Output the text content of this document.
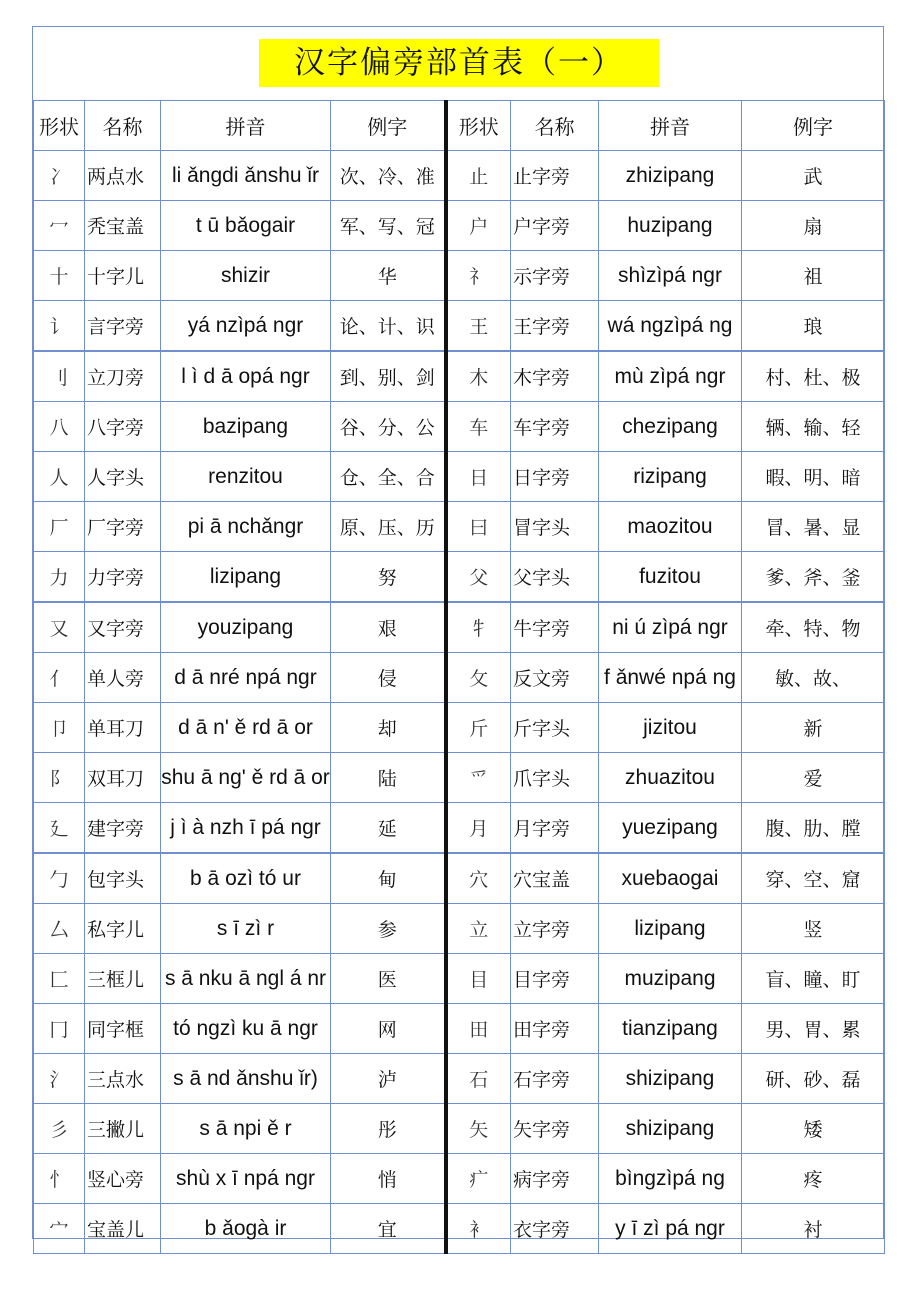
汉字偏旁部首表（一）
形状	名称	拼音	例字	形状	名称	拼音	例字
冫	两点水	li ǎngdi ǎnshu ǐr	次、冷、准	止	止字旁	zhizipang	武
冖	秃宝盖	t ū bǎogair	军、写、冠	户	户字旁	huzipang	扇
十	十字儿	shizir	华	礻	示字旁	shìzìpá ngr	祖
讠	言字旁	yá nzìpá ngr	论、计、识	王	王字旁	wá ngzìpá ng	琅
刂	立刀旁	l ì d ā opá ngr	到、别、剑	木	木字旁	mù zìpá ngr	村、杜、极
八	八字旁	bazipang	谷、分、公	车	车字旁	chezipang	辆、输、轻
人	人字头	renzitou	仓、全、合	日	日字旁	rizipang	暇、明、暗
厂	厂字旁	pi ā nchǎngr	原、压、历	曰	冒字头	maozitou	冒、暑、显
力	力字旁	lizipang	努	父	父字头	fuzitou	爹、斧、釜
又	又字旁	youzipang	艰	牜	牛字旁	ni ú zìpá ngr	牵、特、物
亻	单人旁	d ā nré npá ngr	侵	攵	反文旁	f ǎnwé npá ng	敏、故、
卩	单耳刀	d ā n' ě rd ā or	却	斤	斤字头	jizitou	新
阝	双耳刀	shu ā ng' ě rd ā or	陆	爫	爪字头	zhuazitou	爱
廴	建字旁	j ì à nzh ī pá ngr	延	月	月字旁	yuezipang	腹、肋、膛
勹	包字头	b ā ozì tó ur	甸	穴	穴宝盖	xuebaogai	穿、空、窟
厶	私字儿	s ī zì r	参	立	立字旁	lizipang	竖
匚	三框儿	s ā nku ā ngl á nr	医	目	目字旁	muzipang	盲、瞳、盯
冂	同字框	tó ngzì ku ā ngr	网	田	田字旁	tianzipang	男、胃、累
氵	三点水	s ā nd ǎnshu ǐr)	泸	石	石字旁	shizipang	研、砂、磊
彡	三撇儿	s ā npi ě r	彤	矢	矢字旁	shizipang	矮
忄	竖心旁	shù x ī npá ngr	悄	疒	病字旁	bìngzìpá ng	疼
宀	宝盖儿	b ǎogà ir	宜	衤	衣字旁	y ī zì pá ngr	衬
